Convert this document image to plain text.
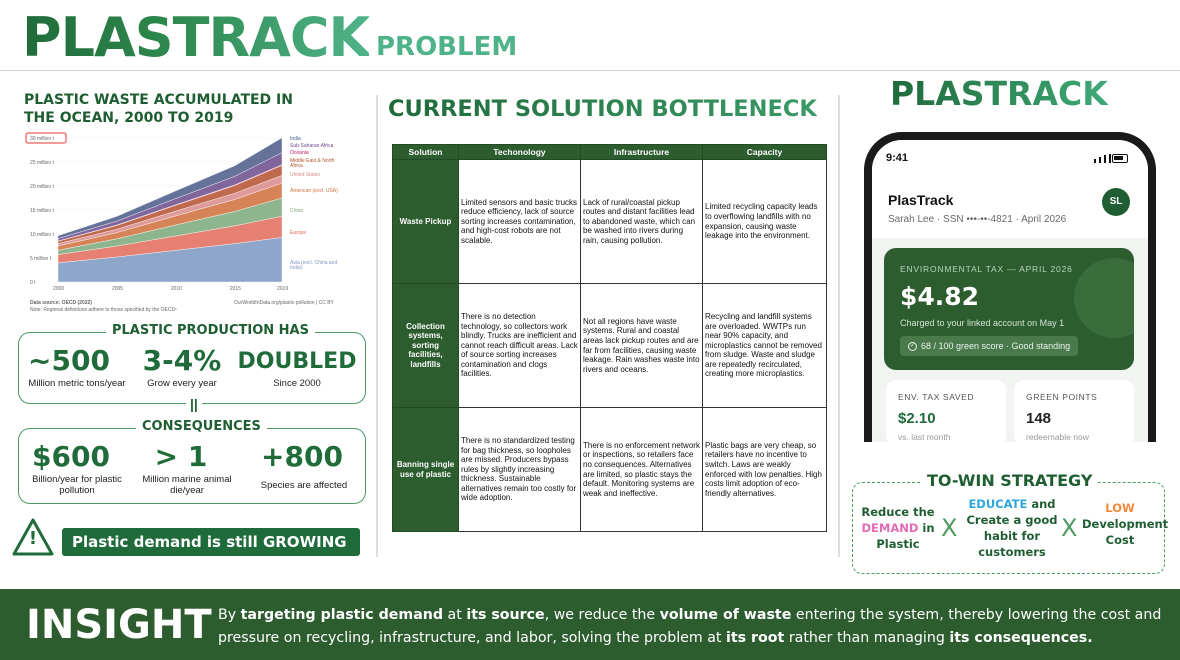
PLASTRACK PROBLEM
PLASTIC WASTE ACCUMULATED IN THE OCEAN, 2000 TO 2019
0 t
5 million t
10 million t
15 million t
20 million t
25 million t
30 million t
2000	2005	2010	2015	2019
India
Sub-Saharan Africa
Oceania
Middle East & North Africa
United States
American (excl. USA)
China
Europe
Asia (excl. China and India)
Data source: OECD (2022)
Note: Regional definitions adhere to those specified by the OECD¹
OurWorldInData.org/plastic-pollution | CC BY
PLASTIC PRODUCTION HAS
~500
Million metric tons/year
3-4%
Grow every year
DOUBLED
Since 2000
||
CONSEQUENCES
$600
Billion/year for plastic pollution
> 1
Million marine animal die/year
+800
Species are affected
!	Plastic demand is still GROWING
CURRENT SOLUTION BOTTLENECK
Solution	Techonology	Infrastructure	Capacity
Waste Pickup	Limited sensors and basic trucks reduce efficiency, lack of source sorting increases contamination, and high-cost robots are not scalable.	Lack of rural/coastal pickup routes and distant facilities lead to abandoned waste, which can be washed into rivers during rain, causing pollution.	Limited recycling capacity leads to overflowing landfills with no expansion, causing waste leakage into the environment.
Collection systems, sorting facilities, landfills	There is no detection technology, so collectors work blindly. Trucks are inefficient and cannot reach difficult areas. Lack of source sorting increases contamination and clogs facilities.	Not all regions have waste systems. Rural and coastal areas lack pickup routes and are far from facilities, causing waste leakage. Rain washes waste into rivers and oceans.	Recycling and landfill systems are overloaded. WWTPs run near 90% capacity, and microplastics cannot be removed from sludge. Waste and sludge are repeatedly recirculated, creating more microplastics.
Banning single use of plastic	There is no standardized testing for bag thickness, so loopholes are missed. Producers bypass rules by slightly increasing thickness. Sustainable alternatives remain too costly for wide adoption.	There is no enforcement network or inspections, so retailers face no consequences. Alternatives are limited, so plastic stays the default. Monitoring systems are weak and ineffective.	Plastic bags are very cheap, so retailers have no incentive to switch. Laws are weakly enforced with low penalties. High costs limit adoption of eco-friendly alternatives.
PLASTRACK
9:41
PlasTrack
Sarah Lee · SSN •••-••-4821 · April 2026
SL
ENVIRONMENTAL TAX — APRIL 2026
$4.82
Charged to your linked account on May 1
✓ 68 / 100 green score · Good standing
ENV. TAX SAVED
$2.10
vs. last month
GREEN POINTS
148
redeemable now
TO-WIN STRATEGY
Reduce the
DEMAND in
Plastic
X
EDUCATE and
Create a good habit for customers
X
LOW
Development Cost
INSIGHT By targeting plastic demand at its source, we reduce the volume of waste entering the system, thereby lowering the cost and pressure on recycling, infrastructure, and labor, solving the problem at its root rather than managing its consequences.
